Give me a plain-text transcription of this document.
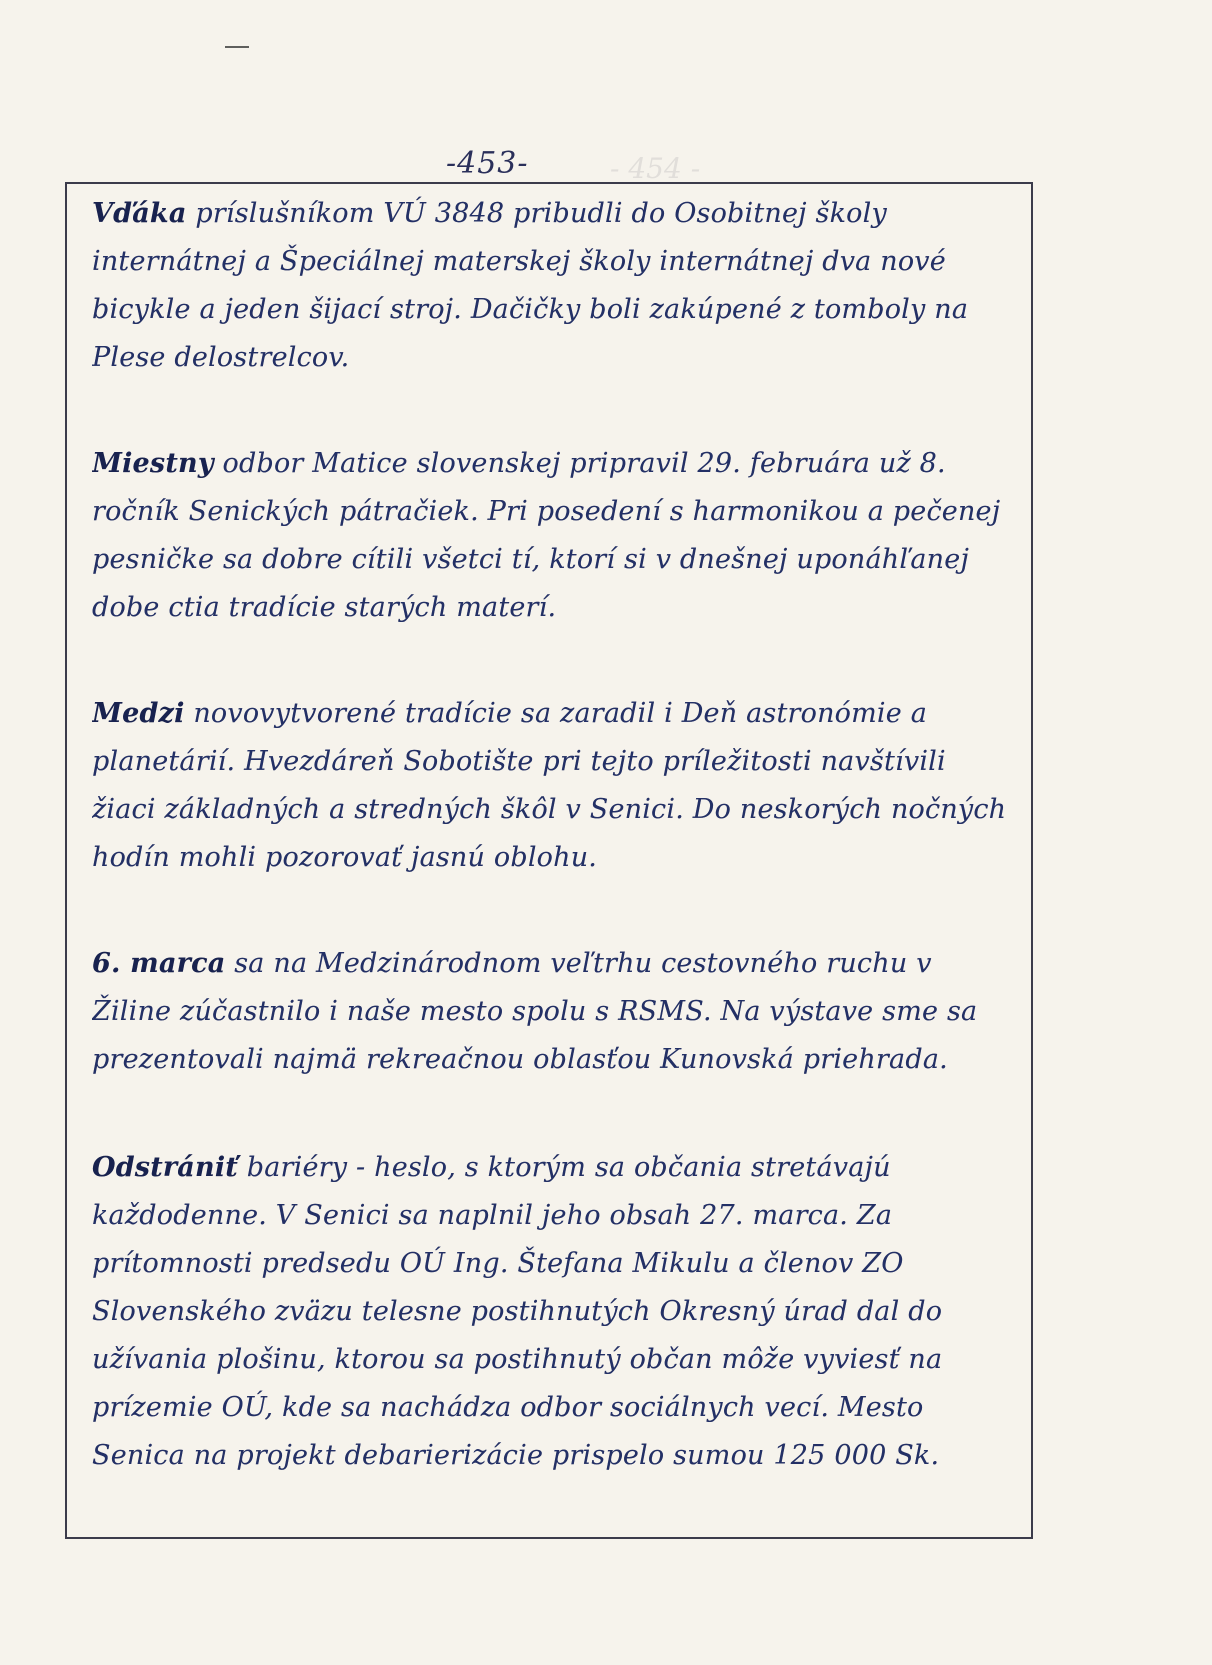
-453-	- 454 -

Vďáka príslušníkom VÚ 3848 pribudli do Osobitnej školy internátnej a Špeciálnej materskej školy internátnej dva nové bicykle a jeden šijací stroj. Dačičky boli zakúpené z tomboly na Plese delostrelcov.

Miestny odbor Matice slovenskej pripravil 29. februára už 8. ročník Senických pátračiek. Pri posedení s harmonikou a pečenej pesničke sa dobre cítili všetci tí, ktorí si v dnešnej uponáhľanej dobe ctia tradície starých materí.

Medzi novovytvorené tradície sa zaradil i Deň astronómie a planetárií. Hvezdáreň Sobotište pri tejto príležitosti navštívili žiaci základných a stredných škôl v Senici. Do neskorých nočných hodín mohli pozorovať jasnú oblohu.

6. marca sa na Medzinárodnom veľtrhu cestovného ruchu v Žiline zúčastnilo i naše mesto spolu s RSMS. Na výstave sme sa prezentovali najmä rekreačnou oblasťou Kunovská priehrada.

Odstrániť bariéry - heslo, s ktorým sa občania stretávajú každodenne. V Senici sa naplnil jeho obsah 27. marca. Za prítomnosti predsedu OÚ Ing. Štefana Mikulu a členov ZO Slovenského zväzu telesne postihnutých Okresný úrad dal do užívania plošinu, ktorou sa postihnutý občan môže vyviesť na prízemie OÚ, kde sa nachádza odbor sociálnych vecí. Mesto Senica na projekt debarierizácie prispelo sumou 125 000 Sk.
